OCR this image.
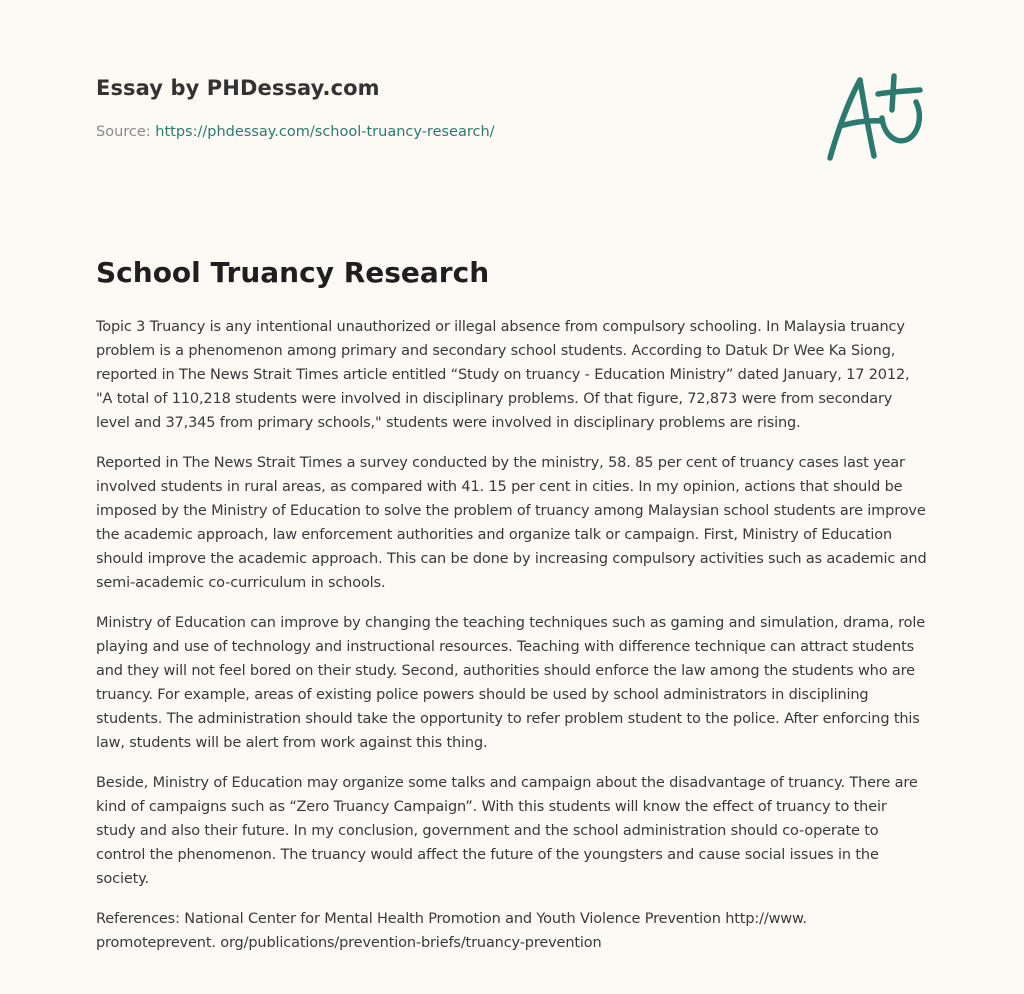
Essay by PHDessay.com
Source: https://phdessay.com/school-truancy-research/
School Truancy Research

Topic 3 Truancy is any intentional unauthorized or illegal absence from compulsory schooling. In Malaysia truancy problem is a phenomenon among primary and secondary school students. According to Datuk Dr Wee Ka Siong, reported in The News Strait Times article entitled “Study on truancy - Education Ministry” dated January, 17 2012, "A total of 110,218 students were involved in disciplinary problems. Of that figure, 72,873 were from secondary level and 37,345 from primary schools," students were involved in disciplinary problems are rising.

Reported in The News Strait Times a survey conducted by the ministry, 58. 85 per cent of truancy cases last year involved students in rural areas, as compared with 41. 15 per cent in cities. In my opinion, actions that should be imposed by the Ministry of Education to solve the problem of truancy among Malaysian school students are improve the academic approach, law enforcement authorities and organize talk or campaign. First, Ministry of Education should improve the academic approach. This can be done by increasing compulsory activities such as academic and semi-academic co-curriculum in schools.

Ministry of Education can improve by changing the teaching techniques such as gaming and simulation, drama, role playing and use of technology and instructional resources. Teaching with difference technique can attract students and they will not feel bored on their study. Second, authorities should enforce the law among the students who are truancy. For example, areas of existing police powers should be used by school administrators in disciplining students. The administration should take the opportunity to refer problem student to the police. After enforcing this law, students will be alert from work against this thing.

Beside, Ministry of Education may organize some talks and campaign about the disadvantage of truancy. There are kind of campaigns such as “Zero Truancy Campaign”. With this students will know the effect of truancy to their study and also their future. In my conclusion, government and the school administration should co-operate to control the phenomenon. The truancy would affect the future of the youngsters and cause social issues in the society.

References: National Center for Mental Health Promotion and Youth Violence Prevention http://www. promoteprevent. org/publications/prevention-briefs/truancy-prevention
